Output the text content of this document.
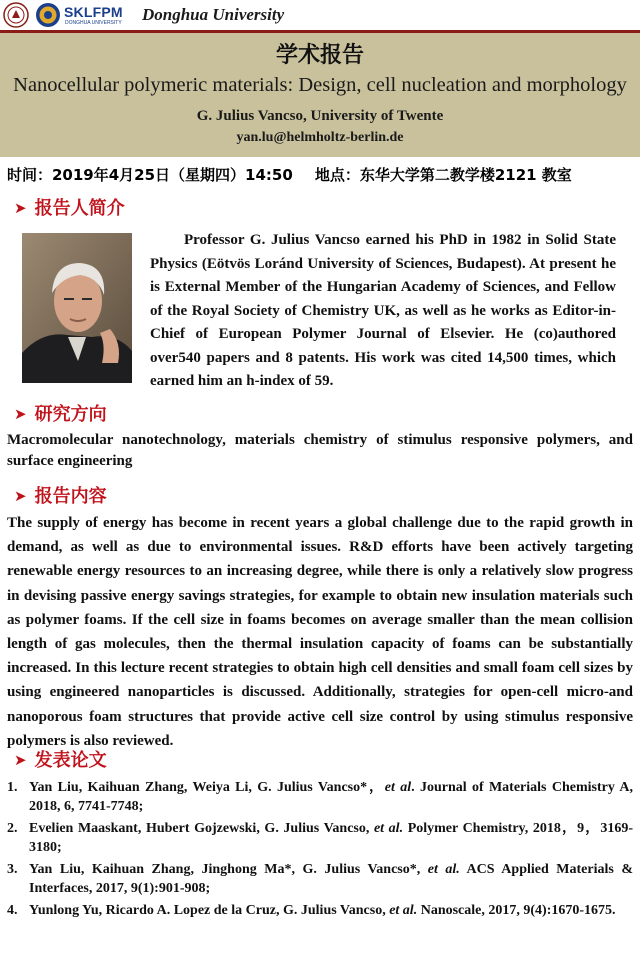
SKLFPM
DONGHUA UNIVERSITY Donghua University
学术报告
Nanocellular polymeric materials: Design, cell nucleation and morphology
G. Julius Vancso, University of Twente
yan.lu@helmholtz-berlin.de
时间：2019年4月25日（星期四）14:50 地点：东华大学第二教学楼2121 教室
➤ 报告人简介
Professor G. Julius Vancso earned his PhD in 1982 in Solid State Physics (Eötvös Loránd University of Sciences, Budapest). At present he is External Member of the Hungarian Academy of Sciences, and Fellow of the Royal Society of Chemistry UK, as well as he works as Editor-in-Chief of European Polymer Journal of Elsevier. He (co)authored over540 papers and 8 patents. His work was cited 14,500 times, which earned him an h-index of 59.
➤ 研究方向
Macromolecular nanotechnology, materials chemistry of stimulus responsive polymers, and surface engineering
➤ 报告内容
The supply of energy has become in recent years a global challenge due to the rapid growth in demand, as well as due to environmental issues. R&D efforts have been actively targeting renewable energy resources to an increasing degree, while there is only a relatively slow progress in devising passive energy savings strategies, for example to obtain new insulation materials such as polymer foams. If the cell size in foams becomes on average smaller than the mean collision length of gas molecules, then the thermal insulation capacity of foams can be substantially increased. In this lecture recent strategies to obtain high cell densities and small foam cell sizes by using engineered nanoparticles is discussed. Additionally, strategies for open-cell micro-and nanoporous foam structures that provide active cell size control by using stimulus responsive polymers is also reviewed.
➤ 发表论文
1. Yan Liu, Kaihuan Zhang, Weiya Li, G. Julius Vancso*，et al. Journal of Materials Chemistry A, 2018, 6, 7741-7748;
2. Evelien Maaskant, Hubert Gojzewski, G. Julius Vancso, et al. Polymer Chemistry, 2018，9，3169-3180;
3. Yan Liu, Kaihuan Zhang, Jinghong Ma*, G. Julius Vancso*, et al. ACS Applied Materials & Interfaces, 2017, 9(1):901-908;
4. Yunlong Yu, Ricardo A. Lopez de la Cruz, G. Julius Vancso, et al. Nanoscale, 2017, 9(4):1670-1675.
